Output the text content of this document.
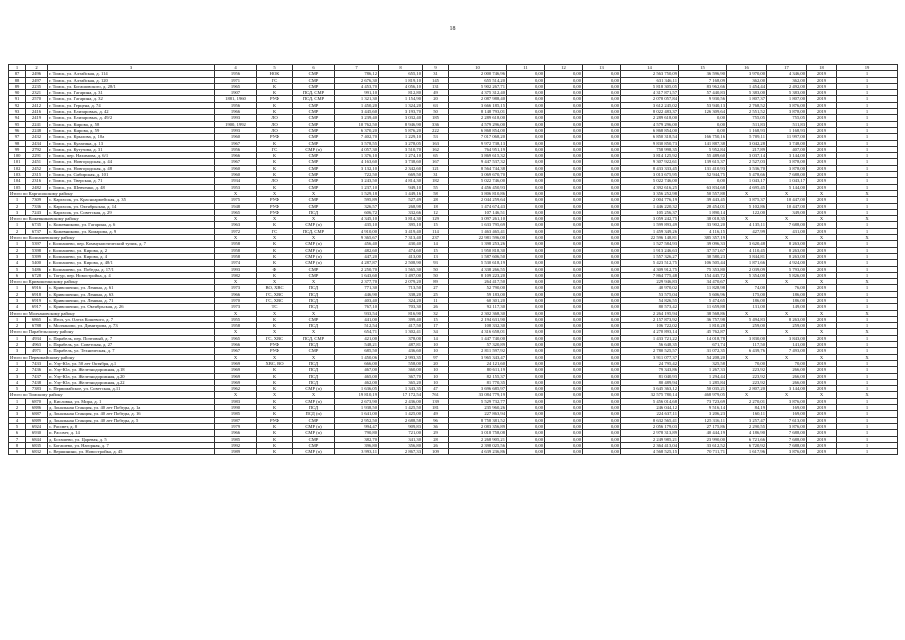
18
1	2	3	4	5	6	7	8	9	10	11	12	13	14	15	16	17	18	19
87	2496	г. Томск, ул. Алтайская, д. 114	1956	НОК	СМР	786,12	655,10	31	2 000 746,96	0,00	0,00	0,00	2 563 750,09	36 596,90	3 970,00	4 346,00	2019	1
88	2497	г. Томск, ул. Алтайская, д. 120	1971	ГС	СМР	2 676,30	1 819,10	145	655 514,20	0,00	0,00	0,00	631 346,11	7 168,09	362,00	362,00	2019	1
89	2235	г. Томск, ул. Богашовского, д. 28/1	1965	К	СМР	4 453,70	4 056,10	131	5 902 267,71	0,00	0,00	0,00	5 818 305,05	83 962,66	1 454,44	2 492,00	2019	1
90	2321	г. Томск, ул. Гагарина, д. 31	1907	К	ПСД, СМР	991,10	812,80	49	4 375 312,40	0,00	0,00	0,00	4 317 871,57	57 440,83	5 383,00	5 383,00	2019	1
91	2570	г. Томск, ул. Гагарина, д. 32	1881, 1960	РУФ	ПСД, СМР	1 321,30	1 154,90	20	2 087 988,40	0,00	0,00	0,00	2 078 057,84	9 930,56	1 807,37	1 807,00	2019	1
92	2412	г. Томск, ул. Герцена, д. 74	1956	К	СМР	1 450,20	1 324,20	63	3 666 185,15	0,00	0,00	0,00	3 612 245,02	53 940,13	2 768,52	3 876,00	2019	1
93	2416	г. Томск, ул. Елизаровых, д. 42	1966	К	СМР	3 445,60	3 193,70	50	8 148 793,01	0,00	0,00	0,00	8 022 483,37	126 309,64	2 551,52	3 878,00	2019	1
94	2419	г. Томск, ул. Елизаровых, д. 49/2	1993	ЛО	СМР	3 239,40	3 032,40	185	2 289 618,00	0,00	0,00	0,00	2 289 618,00	0,00	755,05	755,05	2019	1
95	2241	г. Томск, ул. Кирова, д. 58	1900, 1992	ЛО	СМР	10 762,50	8 946,90	336	4 579 296,00	0,00	0,00	0,00	4 579 296,00	0,00	511,83	511,83	2019	1
96	2248	г. Томск, ул. Кирова, д. 59	1993	ЛО	СМР	6 370,20	5 876,20	222	6 868 854,00	0,00	0,00	0,00	6 868 854,00	0,00	1 168,93	1 168,93	2019	1
97	2432	г. Томск, ул. Крылова, д. 10а	1960	РУФ	СМР	7 402,70	1 229,10	53	7 017 068,20	0,00	0,00	0,00	6 850 318,54	166 750,16	5 709,11	11 997,00	2019	1
98	2434	г. Томск, ул. Кулагина, д. 13	1967	К	СМР	3 578,55	3 278,05	163	9 972 738,13	0,00	0,00	0,00	9 830 850,73	141 887,38	3 042,28	3 748,00	2019	1
99	2792	г. Томск, ул. Кутузова, д. 31	1956	ГС	СМР (п)	4 057,30	3 510,70	162	764 951,19	0,00	0,00	0,00	758 998,35	5 952,84	217,89	407,00	2019	1
100	2291	г. Томск, пер. Нахимова, д. 6/1	1966	К	СМР	1 376,10	1 274,10	65	3 869 615,32	0,00	0,00	0,00	3 814 125,92	55 489,60	3 037,14	3 144,00	2019	1
101	2451	г. Томск, ул. Новгородская, д. 44	1967	К	СМР	4 163,60	3 738,60	167	9 447 537,32	0,00	0,00	0,00	9 307 922,61	139 615,37	2 527,03	3 878,00	2019	1
102	2452	г. Томск, ул. Новгородская, д. 48	1960	К	СМР	3 132,10	2 342,60	121	8 564 744,38	0,00	0,00	0,00	8 433 333,45	131 410,93	3 536,70	3 878,00	2019	1
103	2315	г. Томск, ул. Сибирская, д. 101	1960	К	СМР	722,50	669,50	31	3 069 670,70	0,00	0,00	0,00	3 013 675,95	52 944,75	5 478,66	7 688,00	2019	1
104	2316	г. Томск, ул. Тверская, д. 71	1934	ЛО	СМР	3 243,50	4 814,30	182	5 022 746,00	0,00	0,00	0,00	5 022 746,00	0,00	1 043,17	1 043,17	2019	1
105	2482	г. Томск, ул. Шевченко, д. 48	1953	К	СМР	1 237,10	949,10	55	4 456 450,93	0,00	0,00	0,00	4 392 616,25	63 834,68	4 695,45	5 144,00	2019	1
Итого по Каргасокскому району			Х	Х	Х	1 529,18	1 449,16	58	3 806 810,86	0,00	0,00	0,00	3 356 252,98	50 557,88	Х	Х	Х	Х
1	7309	с. Каргасок, ул. Красноармейская, д. 35	1975	РУФ	СМР	595,89	527,49	28	2 044 259,64	0,00	0,00	0,00	2 004 776,19	39 443,45	3 875,37	10 447,00	2019	1
2	7336	с. Каргасок, ул. Октябрьская, д. 14	1948	РУФ	СМР	326,57	268,98	18	1 474 674,43	0,00	0,00	0,00	1 446 220,32	28 454,01	5 102,86	10 447,00	2019	1
3	7243	с. Каргасок, ул. Советская, д. 29	1965	РУФ	ПСД	606,72	332,66	12	107 146,51	0,00	0,00	0,00	105 256,37	1 890,14	122,00	349,00	2019	1
Итого по Кожевниковскому району			Х	Х	Х	4 345,10	3 814,30	129	3 097 261,10	0,00	0,00	0,00	3 059 242,75	38 018,35	Х	Х	Х	Х
1	6735	с. Кожевниково, ул. Гагарина, д. 6	1963	К	СМР (п)	435,10	395,10	15	1 633 795,69	0,00	0,00	0,00	1 599 893,49	33 902,20	4 135,11	7 688,00	2019	1
2	6737	с. Кожевниково, ул. Комарова, д. 9	1972	ГС	ПСД, СМР	4 910,00	3 419,40	114	1 463 465,41	0,00	0,00	0,00	1 459 349,26	4 116,15	427,99	431,00	2019	1
Итого по Колпашевскому району			Х	Х	Х	9 365,67	7 313,40	237	22 981 596,00	0,00	0,00	0,00	22 596 148,81	385 357,19	Х	Х	Х	Х
1	5397	г. Колпашево, пер. Коммунистический тупик, д. 7	1958	К	СМР (п)	456,40	430,40	14	1 398 253,26	0,00	0,00	0,00	1 527 584,93	39 096,33	3 620,48	8 263,00	2019	1
2	5398	г. Колпашево, ул. Кирова, д. 2	1958	К	СМР (п)	482,60	474,60	15	1 950 818,30	0,00	0,00	0,00	1 913 246,63	37 571,67	4 110,45	8 263,00	2019	1
3	5399	г. Колпашево, ул. Кирова, д. 4	1958	К	СМР (п)	447,20	413,00	13	1 587 606,50	0,00	0,00	0,00	1 557 326,27	30 580,23	3 844,81	8 263,00	2019	1
4	5400	г. Колпашево, ул. Кирова, д. 48/1	1974	К	СМР (п)	4 287,87	2 508,90	93	5 530 618,19	0,00	0,00	0,00	5 423 512,75	106 505,44	1 871,66	4 924,00	2019	1
5	5486	г. Колпашево, ул. Победы, д. 17/1	1993	Ф	СМР	2 250,70	1 565,30	50	4 338 266,55	0,00	0,00	0,00	4 309 912,75	75 353,80	2 039,09	5 793,00	2019	1
6	6728	с. Тогур, пер. Новостройка, д. 4	1982	К	СМР	1 643,60	1 497,00	50	8 109 223,20	0,00	0,00	0,00	7 864 775,48	154 445,72	5 354,00	5 826,00	2019	1
Итого по Кривошеинскому району			Х	Х	Х	2 377,70	2 079,20	89	264 417,50	0,00	0,00	0,00	229 946,83	34 470,67	Х	Х	Х	Х
1	6916	с. Кривошеино, ул. Ленина, д. 61	1973	ВО, ХВС	ПСД	771,30	713,50	27	52 790,00	0,00	0,00	0,00	40 970,02	11 828,98	74,00	76,00	2019	1
2	6918	с. Кривошеино, ул. Ленина, д. 63	1966	ГС, ХВС	ПСД	446,90	338,20	25	59 183,00	0,00	0,00	0,00	53 575,04	5 606,96	175,00	186,00	2019	1
3	6919	с. Кривошеино, ул. Ленина, д. 71	1970	ГС, ХВС	ПСД	403,40	324,20	11	60 301,20	0,00	0,00	0,00	54 826,55	5 474,65	186,00	186,00	2019	1
4	6917	с. Кривошеино, ул. Октябрьская, д. 26	1973	ТС	ПСД	767,10	703,30	26	92 117,30	0,00	0,00	0,00	80 573,42	11 659,88	131,00	149,00	2019	1
Итого по Молчановскому району			Х	Х	Х	933,54	816,90	32	2 302 368,30	0,00	0,00	0,00	2 264 195,94	38 568,86	Х	Х	Х	Х
1	6865	с. Игол, ул. Олега Кошевого, д. 7	1955	К	СМР	441,00	399,40	15	2 194 631,90	0,00	0,00	0,00	2 157 873,92	36 757,98	5 494,83	8 263,00	2019	1
2	6788	с. Молчаново, ул. Димитрова, д. 73	1958	К	ПСД	512,54	417,50	17	108 332,30	0,00	0,00	0,00	106 722,02	1 810,28	259,00	259,00	2019	1
Итого по Парабельскому району			Х	Х	Х	654,71	1 302,41	34	4 316 658,01	0,00	0,00	0,00	4 270 893,14	45 762,87	Х	Х	Х	Х
1	4934	с. Парабель, пер. Почтовый, д. 7	1965	ГС, ХВС	ПСД, СМР	421,00	378,00	14	1 447 740,00	0,00	0,00	0,00	1 433 721,22	14 018,78	3 830,00	3 843,00	2019	1
2	4963	с. Парабель, ул. Советская, д. 27	1966	РУФ	ПСД	548,21	487,81	10	57 320,89	0,00	0,00	0,00	56 648,35	671,74	117,50	141,00	2019	1
3	4971	с. Парабель, ул. Техническая, д. 7	1967	РУФ	СМР	685,50	436,60	10	2 811 597,92	0,00	0,00	0,00	2 780 525,57	31 072,35	6 439,76	7 493,00	2019	1
Итого по Первомайскому району			Х	Х	Х	1 450,06	2 993,35	97	3 965 343,47	0,00	0,00	0,00	3 911 077,37	54 208,20	Х	Х	Х	Х
1	7433	п. Улу-Юл, ул. 50 лет Октября, д.1	1969	ХВС, ВО	ПСД	666,00	558,00	20	24 121,60	0,00	0,00	0,00	24 795,42	325,58	70,00	70,00	2019	1
2	7436	п. Улу-Юл, ул. Железнодорожная, д.18	1969	К	ПСД	467,00	360,00	10	80 611,19	0,00	0,00	0,00	79 343,86	1 267,33	223,92	266,00	2019	1
3	7437	п. Улу-Юл, ул. Железнодорожная, д.20	1969	К	ПСД	465,00	367,70	10	82 155,37	0,00	0,00	0,00	81 040,93	1 294,44	223,92	266,00	2019	1
4	7438	п. Улу-Юл, ул. Железнодорожная, д.22	1969	К	ПСД	462,00	365,20	10	81 770,35	0,00	0,00	0,00	80 489,94	1 285,84	223,92	266,00	2019	1
5	7383	с. Первомайское, ул. Советская, д.11	1962	К	СМР (п)	1 636,05	1 343,35	47	3 696 685,97	0,00	0,00	0,00	3 645 363,12	50 035,21	2 807,20	3 144,00	2019	1
Итого по Томскому району			Х	Х	Х	19 810,19	17 172,54	761	33 084 779,19	0,00	0,00	0,00	32 575 780,14	468 979,05	Х	Х	Х	Х
1	6870	д. Кисловка, ул. Мира, д. 1	1983	К	СМР (п)	2 673,90	2 436,00	139	5 529 732,77	0,00	0,00	0,00	5 456 014,68	73 723,69	2 270,01	3 876,00	2019	1
2	6886	д. Зональная Станция, ул. 40 лет Победы, д. 1а	1990	К	ПСД	1 938,50	1 425,50	181	235 960,26	0,00	0,00	0,00	246 044,12	9 516,14	84,19	169,00	2019	1
3	6887	д. Зональная Станция, ул. 40 лет Победы, д. 16	1985	К	ПСД (п)	1 641,00	1 425,00	49	227 863,94	0,00	0,00	0,00	224 637,11	3 206,23	160,11	169,00	2019	1
4	6889	д. Зональная Станция, ул. 40 лет Победы, д. 5	1987	РУФ	СМР	2 952,50	2 688,58	96	8 758 381,52	0,00	0,00	0,00	8 632 565,41	125 316,11	3 257,47	7 613,00	2019	1
5	6924	с. Рассвет, д. 8	1979	К	СМР (п)	994,47	909,83	36	2 083 356,89	0,00	0,00	0,00	2 056 179,03	27 175,86	2 290,55	3 876,00	2019	1
6	6930	п. Рассвет, д. 14	1966	К	СМР (п)	790,80	721,00	29	3 018 758,08	0,00	0,00	0,00	2 978 313,89	40 444,19	4 186,90	7 688,00	2019	1
7	6844	д. Богашево, ул. Царевая, д. 5	1985	К	СМР	382,70	341,30	28	2 268 905,21	0,00	0,00	0,00	2 249 985,21	23 990,00	6 721,66	7 688,00	2019	1
8	6835	с. Богашево, ул. Нагорная, д. 7	1992	К	СМР	396,80	356,80	26	2 398 025,56	0,00	0,00	0,00	2 364 413,04	33 612,52	6 720,92	7 688,00	2019	1
9	6832	с. Вершинино, ул. Новостройка, д. 45	1989	К	СМР (п)	3 993,11	2 867,33	109	4 639 236,86	0,00	0,00	0,00	4 568 525,15	70 711,71	1 617,96	3 876,00	2019	1
